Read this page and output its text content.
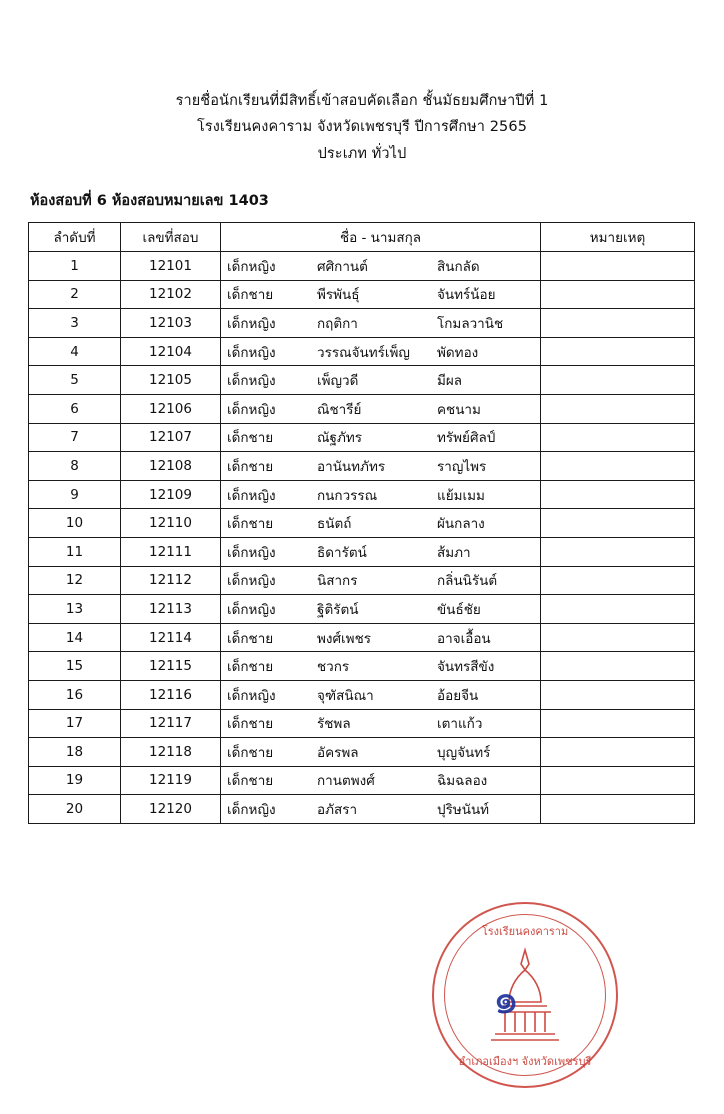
รายชื่อนักเรียนที่มีสิทธิ์เข้าสอบคัดเลือก ชั้นมัธยมศึกษาปีที่ 1
โรงเรียนคงคาราม จังหวัดเพชรบุรี ปีการศึกษา 2565
ประเภท ทั่วไป
ห้องสอบที่ 6 ห้องสอบหมายเลข 1403
ลำดับที่	เลขที่สอบ	ชื่อ - นามสกุล	หมายเหตุ
1	12101	เด็กหญิง ศศิกานต์ สินกลัด	

2	12102	เด็กชาย พีรพันธุ์ จันทร์น้อย	

3	12103	เด็กหญิง กฤติกา โกมลวานิช	

4	12104	เด็กหญิง วรรณจันทร์เพ็ญ พัดทอง	

5	12105	เด็กหญิง เพ็ญวดี มีผล	

6	12106	เด็กหญิง ณิชารีย์ คชนาม	

7	12107	เด็กชาย ณัฐภัทร ทรัพย์ศิลป์	

8	12108	เด็กชาย อานันทภัทร ราญไพร	

9	12109	เด็กหญิง กนกวรรณ แย้มเมม	

10	12110	เด็กชาย ธนัตถ์ ผันกลาง	

11	12111	เด็กหญิง ธิดารัตน์ ส้มภา	

12	12112	เด็กหญิง นิสากร กลิ่นนิรันต์	

13	12113	เด็กหญิง ฐิติรัตน์ ขันธ์ชัย	

14	12114	เด็กชาย พงศ์เพชร อาจเอื้อน	

15	12115	เด็กชาย ชวกร จันทรสีขัง	

16	12116	เด็กหญิง จุฑัสนิณา อ้อยจีน	

17	12117	เด็กชาย รัชพล เตาแก้ว	

18	12118	เด็กชาย อัครพล บุญจันทร์	

19	12119	เด็กชาย กานตพงศ์ ฉิมฉลอง	

20	12120	เด็กหญิง อภัสรา ปุริษนันท์	

โรงเรียนคงคาราม
อำเภอเมืองฯ จังหวัดเพชรบุรี
๑
